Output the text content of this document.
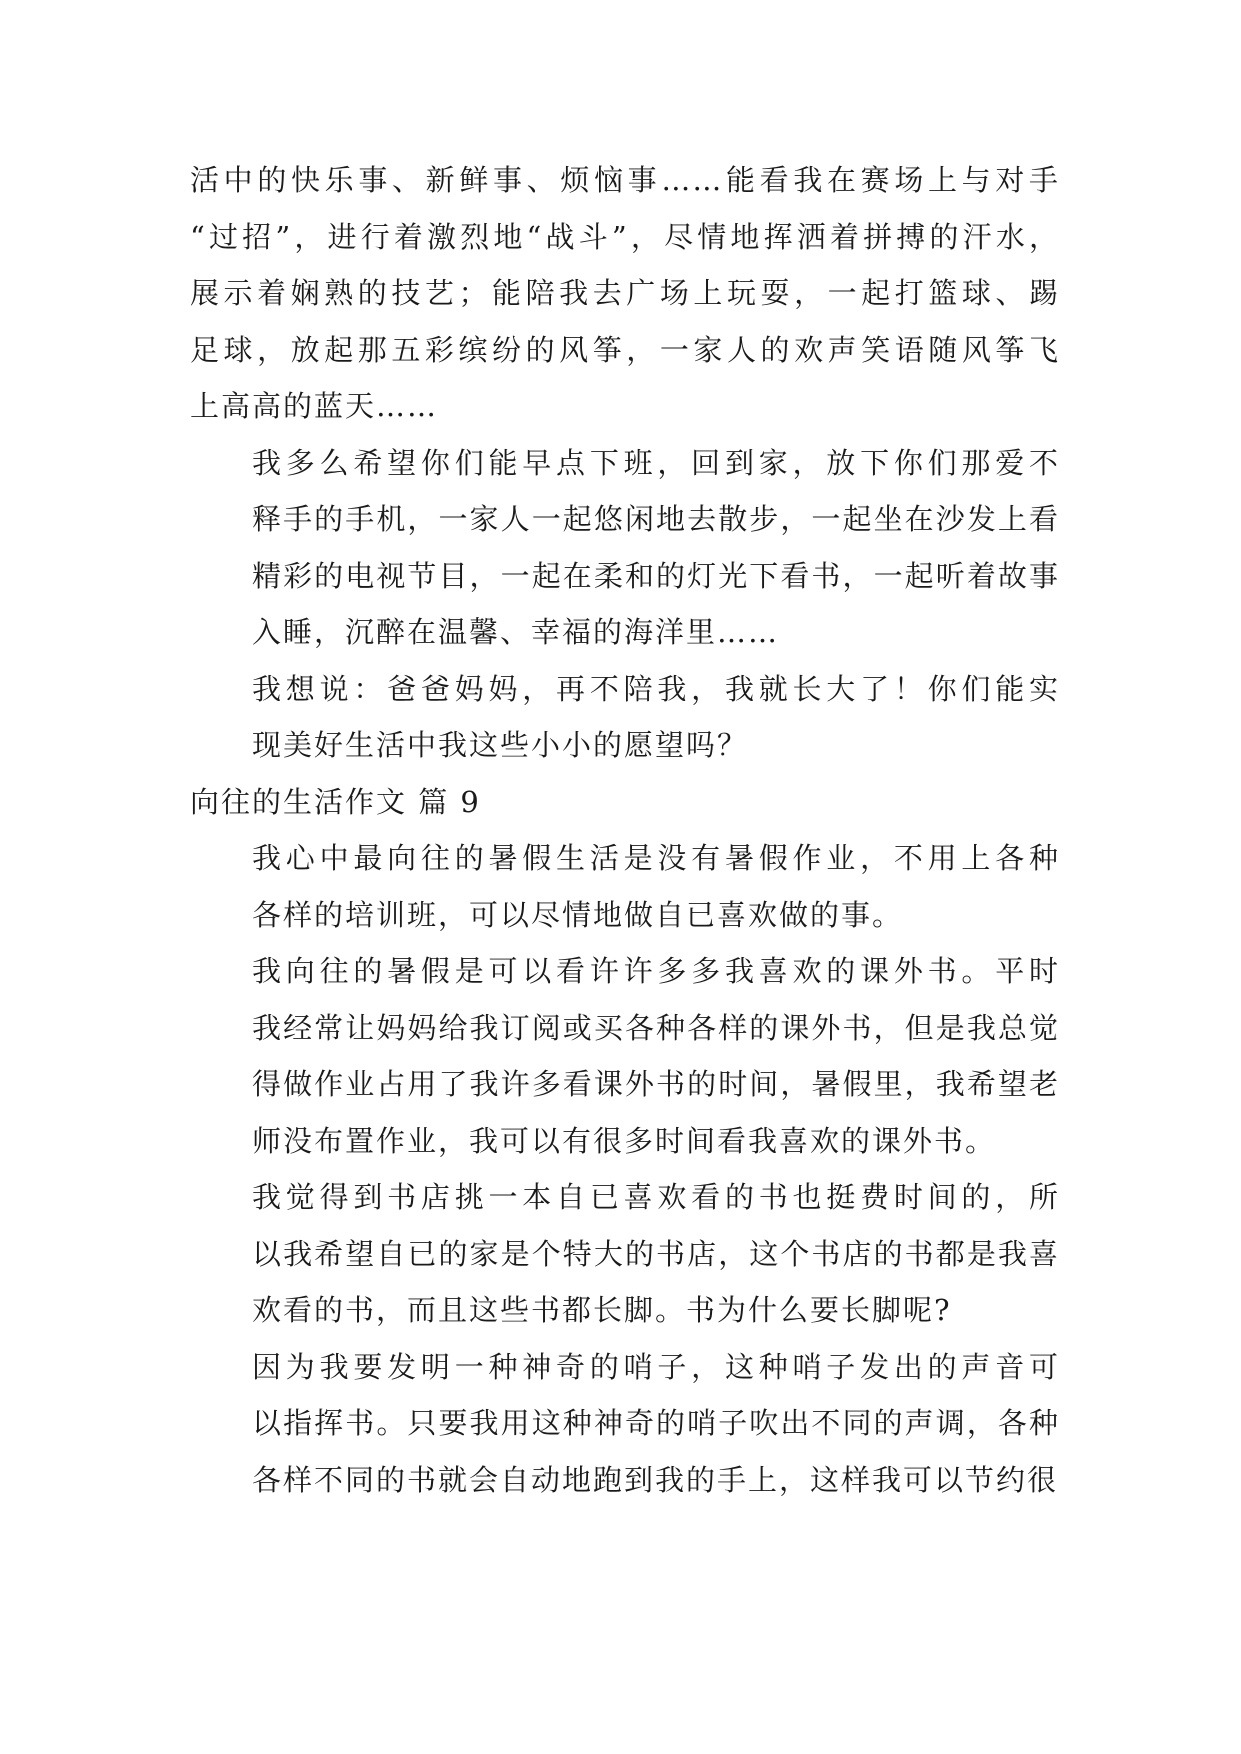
活中的快乐事、新鲜事、烦恼事……能看我在赛场上与对手
“过招”，进行着激烈地“战斗”，尽情地挥洒着拼搏的汗水，
展示着娴熟的技艺；能陪我去广场上玩耍，一起打篮球、踢
足球，放起那五彩缤纷的风筝，一家人的欢声笑语随风筝飞
上高高的蓝天……

我多么希望你们能早点下班，回到家，放下你们那爱不
释手的手机，一家人一起悠闲地去散步，一起坐在沙发上看
精彩的电视节目，一起在柔和的灯光下看书，一起听着故事
入睡，沉醉在温馨、幸福的海洋里……

我想说：爸爸妈妈，再不陪我，我就长大了！你们能实
现美好生活中我这些小小的愿望吗？

向往的生活作文 篇 9

我心中最向往的暑假生活是没有暑假作业，不用上各种
各样的培训班，可以尽情地做自已喜欢做的事。

我向往的暑假是可以看许许多多我喜欢的课外书。平时
我经常让妈妈给我订阅或买各种各样的课外书，但是我总觉
得做作业占用了我许多看课外书的时间，暑假里，我希望老
师没布置作业，我可以有很多时间看我喜欢的课外书。

我觉得到书店挑一本自已喜欢看的书也挺费时间的，所
以我希望自已的家是个特大的书店，这个书店的书都是我喜
欢看的书，而且这些书都长脚。书为什么要长脚呢?

因为我要发明一种神奇的哨子，这种哨子发出的声音可
以指挥书。只要我用这种神奇的哨子吹出不同的声调，各种
各样不同的书就会自动地跑到我的手上，这样我可以节约很
